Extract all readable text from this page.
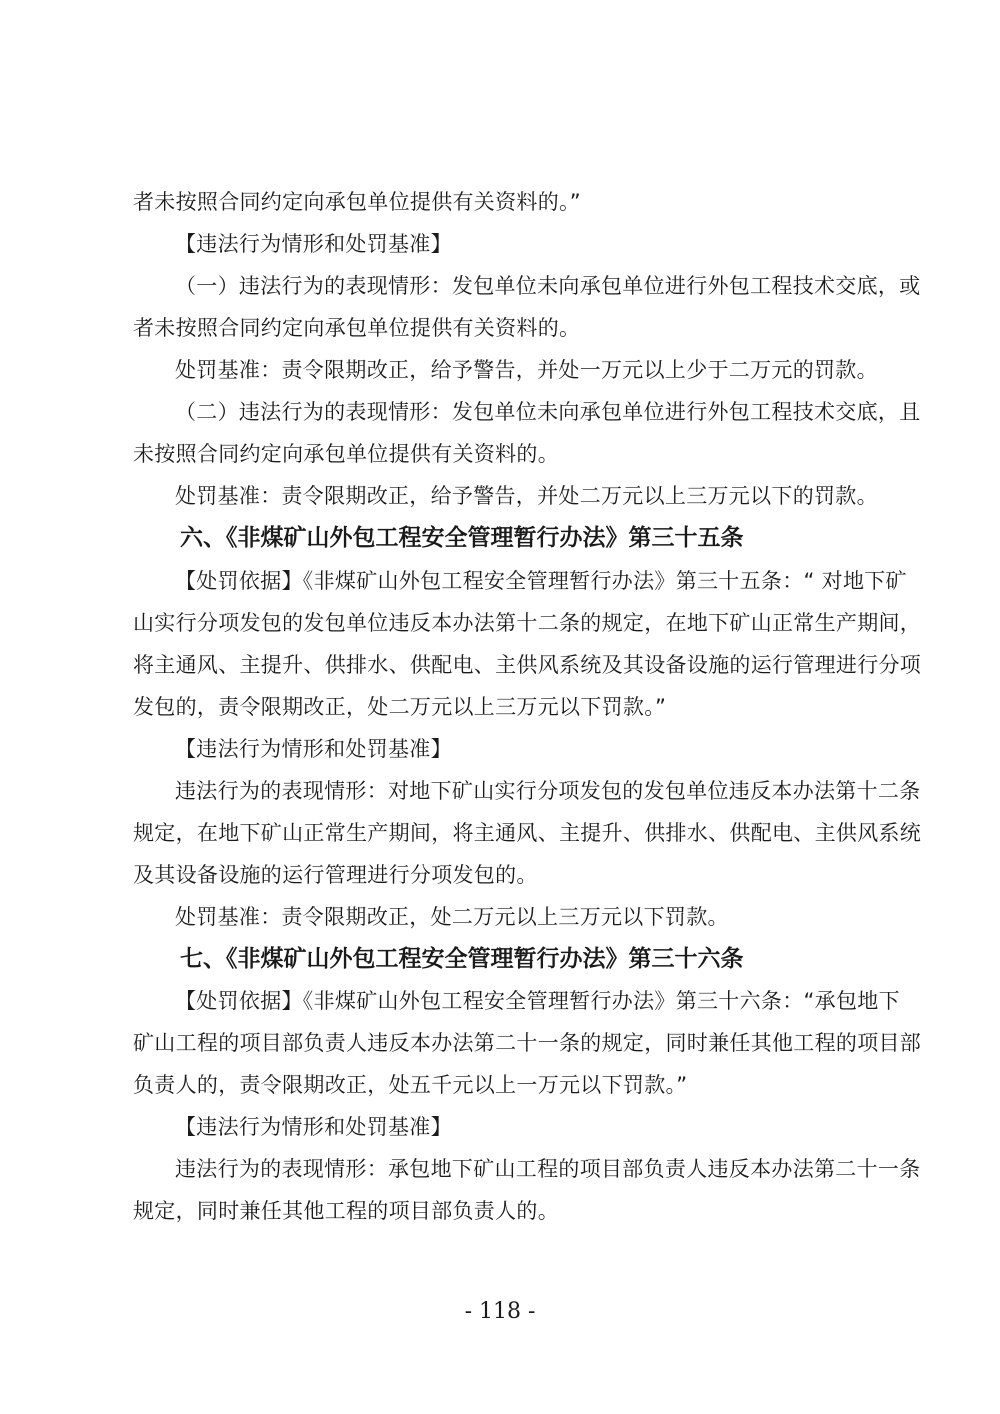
者未按照合同约定向承包单位提供有关资料的。”
【违法行为情形和处罚基准】
（一）违法行为的表现情形：发包单位未向承包单位进行外包工程技术交底，或
者未按照合同约定向承包单位提供有关资料的。
处罚基准：责令限期改正，给予警告，并处一万元以上少于二万元的罚款。
（二）违法行为的表现情形：发包单位未向承包单位进行外包工程技术交底，且
未按照合同约定向承包单位提供有关资料的。
处罚基准：责令限期改正，给予警告，并处二万元以上三万元以下的罚款。
六、《非煤矿山外包工程安全管理暂行办法》第三十五条
【处罚依据】《非煤矿山外包工程安全管理暂行办法》第三十五条：“ 对地下矿
山实行分项发包的发包单位违反本办法第十二条的规定，在地下矿山正常生产期间，
将主通风、主提升、供排水、供配电、主供风系统及其设备设施的运行管理进行分项
发包的，责令限期改正，处二万元以上三万元以下罚款。”
【违法行为情形和处罚基准】
违法行为的表现情形：对地下矿山实行分项发包的发包单位违反本办法第十二条
规定，在地下矿山正常生产期间，将主通风、主提升、供排水、供配电、主供风系统
及其设备设施的运行管理进行分项发包的。
处罚基准：责令限期改正，处二万元以上三万元以下罚款。
七、《非煤矿山外包工程安全管理暂行办法》第三十六条
【处罚依据】《非煤矿山外包工程安全管理暂行办法》第三十六条：“承包地下
矿山工程的项目部负责人违反本办法第二十一条的规定，同时兼任其他工程的项目部
负责人的，责令限期改正，处五千元以上一万元以下罚款。”
【违法行为情形和处罚基准】
违法行为的表现情形：承包地下矿山工程的项目部负责人违反本办法第二十一条
规定，同时兼任其他工程的项目部负责人的。
- 118 -
